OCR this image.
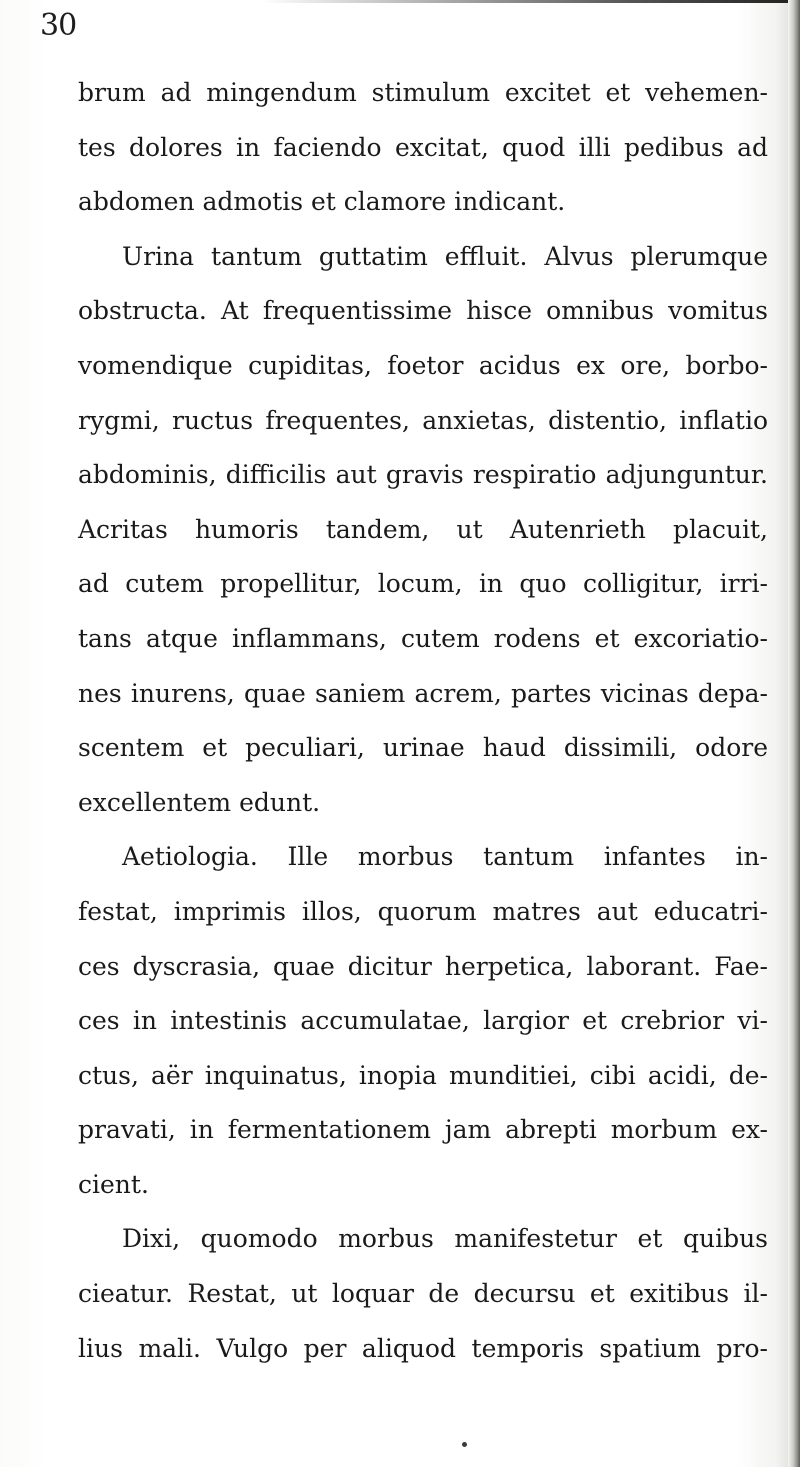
30
brum ad mingendum stimulum excitet et vehemen-
tes dolores in faciendo excitat, quod illi pedibus ad
abdomen admotis et clamore indicant.
Urina tantum guttatim effluit. Alvus plerumque
obstructa. At frequentissime hisce omnibus vomitus
vomendique cupiditas, foetor acidus ex ore, borbo-
rygmi, ructus frequentes, anxietas, distentio, inflatio
abdominis, difficilis aut gravis respiratio adjunguntur.
Acritas humoris tandem, ut Autenrieth placuit,
ad cutem propellitur, locum, in quo colligitur, irri-
tans atque inflammans, cutem rodens et excoriatio-
nes inurens, quae saniem acrem, partes vicinas depa-
scentem et peculiari, urinae haud dissimili, odore
excellentem edunt.
Aetiologia. Ille morbus tantum infantes in-
festat, imprimis illos, quorum matres aut educatri-
ces dyscrasia, quae dicitur herpetica, laborant. Fae-
ces in intestinis accumulatae, largior et crebrior vi-
ctus, aër inquinatus, inopia munditiei, cibi acidi, de-
pravati, in fermentationem jam abrepti morbum ex-
cient.
Dixi, quomodo morbus manifestetur et quibus
cieatur. Restat, ut loquar de decursu et exitibus il-
lius mali. Vulgo per aliquod temporis spatium pro-
